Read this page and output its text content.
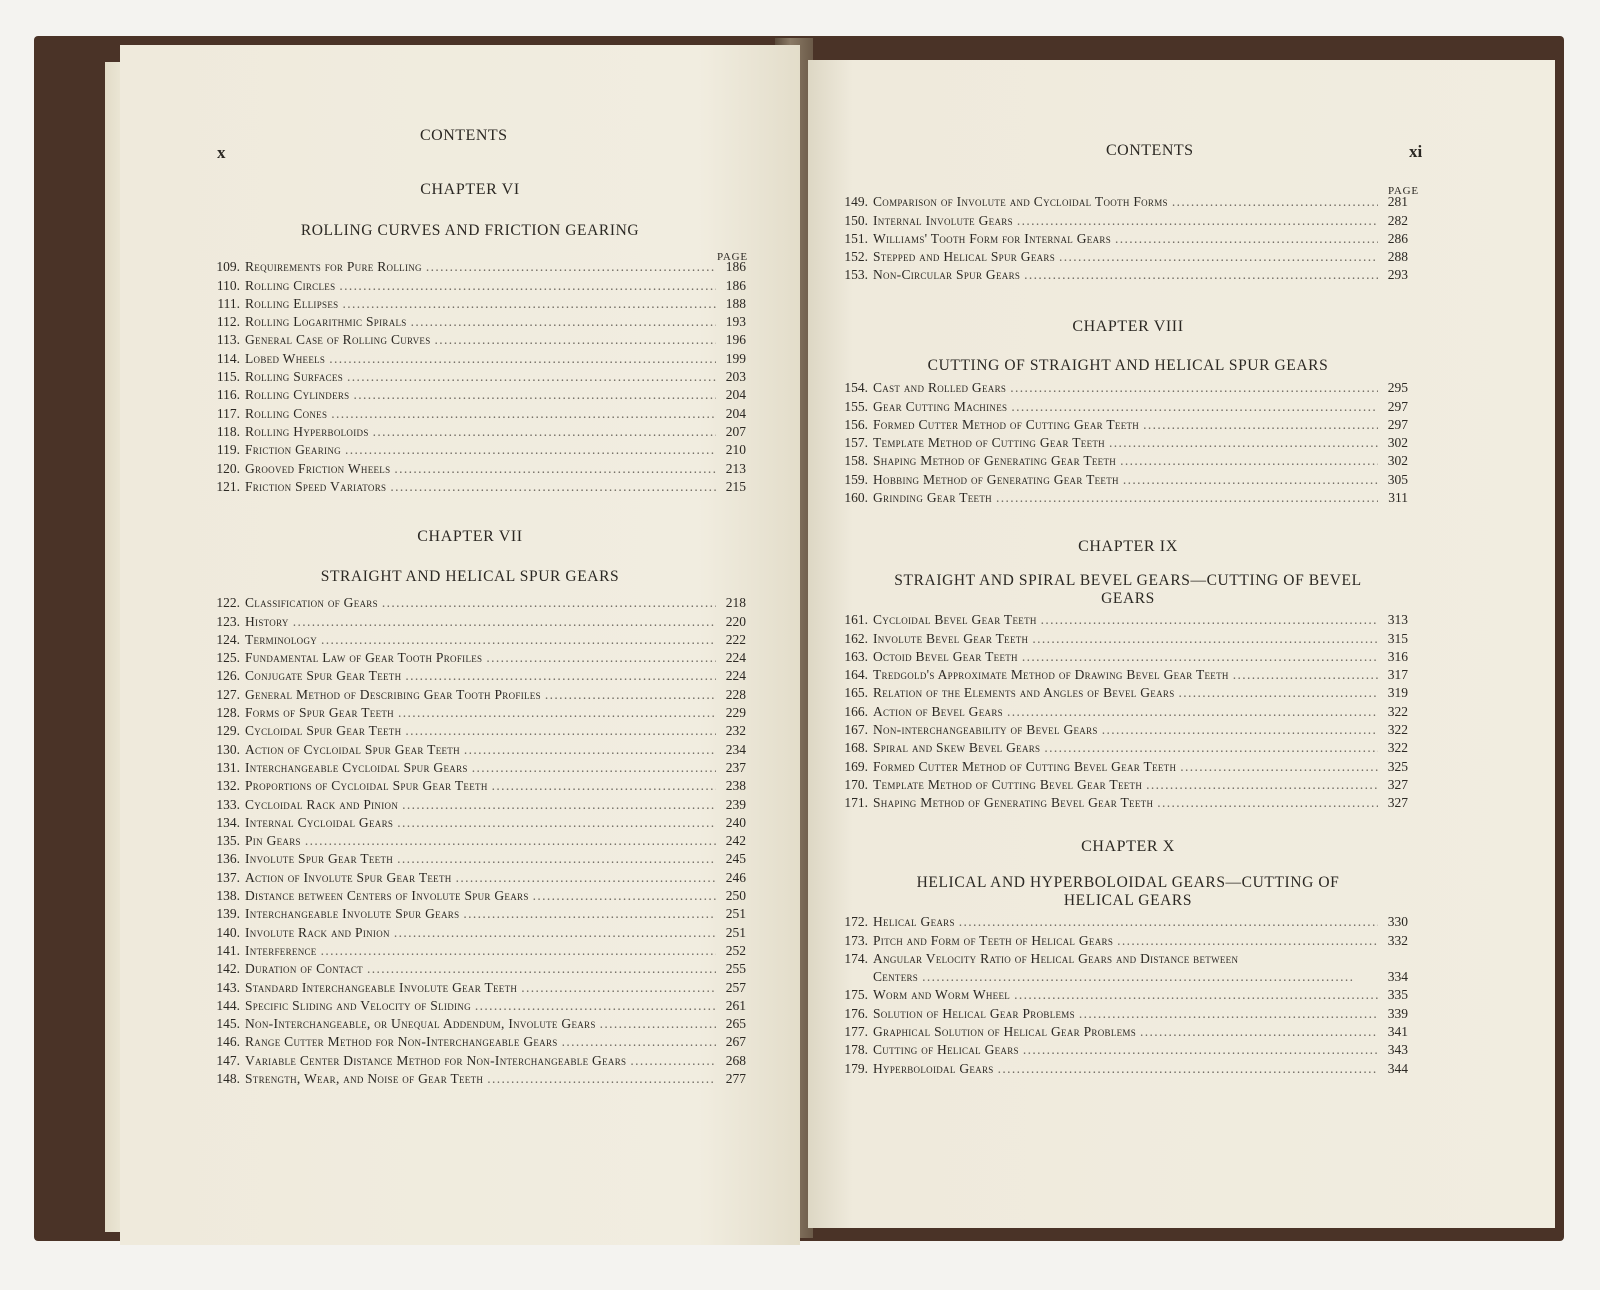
x
CONTENTS
CHAPTER VI
ROLLING CURVES AND FRICTION GEARING
PAGE
109. Requirements for Pure Rolling . . .	186
110. Rolling Circles . . .	186
111. Rolling Ellipses . . .	188
112. Rolling Logarithmic Spirals . . .	193
113. General Case of Rolling Curves . . .	196
114. Lobed Wheels . . .	199
115. Rolling Surfaces . . .	203
116. Rolling Cylinders . . .	204
117. Rolling Cones . . .	204
118. Rolling Hyperboloids . . .	207
119. Friction Gearing . . .	210
120. Grooved Friction Wheels . . .	213
121. Friction Speed Variators . . .	215
CHAPTER VII
STRAIGHT AND HELICAL SPUR GEARS
122. Classification of Gears . . .	218
123. History . . .	220
124. Terminology . . .	222
125. Fundamental Law of Gear Tooth Profiles . . .	224
126. Conjugate Spur Gear Teeth . . .	224
127. General Method of Describing Gear Tooth Profiles . . .	228
128. Forms of Spur Gear Teeth . . .	229
129. Cycloidal Spur Gear Teeth . . .	232
130. Action of Cycloidal Spur Gear Teeth . . .	234
131. Interchangeable Cycloidal Spur Gears . . .	237
132. Proportions of Cycloidal Spur Gear Teeth . . .	238
133. Cycloidal Rack and Pinion . . .	239
134. Internal Cycloidal Gears . . .	240
135. Pin Gears . . .	242
136. Involute Spur Gear Teeth . . .	245
137. Action of Involute Spur Gear Teeth . . .	246
138. Distance between Centers of Involute Spur Gears . . .	250
139. Interchangeable Involute Spur Gears . . .	251
140. Involute Rack and Pinion . . .	251
141. Interference . . .	252
142. Duration of Contact . . .	255
143. Standard Interchangeable Involute Gear Teeth . . .	257
144. Specific Sliding and Velocity of Sliding . . .	261
145. Non-Interchangeable, or Unequal Addendum, Involute Gears . . .	265
146. Range Cutter Method for Non-Interchangeable Gears . . .	267
147. Variable Center Distance Method for Non-Interchangeable Gears . . .	268
148. Strength, Wear, and Noise of Gear Teeth . . .	277
CONTENTS	xi
PAGE
149. Comparison of Involute and Cycloidal Tooth Forms . . .	281
150. Internal Involute Gears . . .	282
151. Williams' Tooth Form for Internal Gears . . .	286
152. Stepped and Helical Spur Gears . . .	288
153. Non-Circular Spur Gears . . .	293
CHAPTER VIII
CUTTING OF STRAIGHT AND HELICAL SPUR GEARS
154. Cast and Rolled Gears . . .	295
155. Gear Cutting Machines . . .	297
156. Formed Cutter Method of Cutting Gear Teeth . . .	297
157. Template Method of Cutting Gear Teeth . . .	302
158. Shaping Method of Generating Gear Teeth . . .	302
159. Hobbing Method of Generating Gear Teeth . . .	305
160. Grinding Gear Teeth . . .	311
CHAPTER IX
STRAIGHT AND SPIRAL BEVEL GEARS—CUTTING OF BEVEL
GEARS
161. Cycloidal Bevel Gear Teeth . . .	313
162. Involute Bevel Gear Teeth . . .	315
163. Octoid Bevel Gear Teeth . . .	316
164. Tredgold's Approximate Method of Drawing Bevel Gear Teeth . . .	317
165. Relation of the Elements and Angles of Bevel Gears . . .	319
166. Action of Bevel Gears . . .	322
167. Non-interchangeability of Bevel Gears . . .	322
168. Spiral and Skew Bevel Gears . . .	322
169. Formed Cutter Method of Cutting Bevel Gear Teeth . . .	325
170. Template Method of Cutting Bevel Gear Teeth . . .	327
171. Shaping Method of Generating Bevel Gear Teeth . . .	327
CHAPTER X
HELICAL AND HYPERBOLOIDAL GEARS—CUTTING OF
HELICAL GEARS
172. Helical Gears . . .	330
173. Pitch and Form of Teeth of Helical Gears . . .	332
174. Angular Velocity Ratio of Helical Gears and Distance between
Centers . . .	334
175. Worm and Worm Wheel . . .	335
176. Solution of Helical Gear Problems . . .	339
177. Graphical Solution of Helical Gear Problems . . .	341
178. Cutting of Helical Gears . . .	343
179. Hyperboloidal Gears . . .	344
